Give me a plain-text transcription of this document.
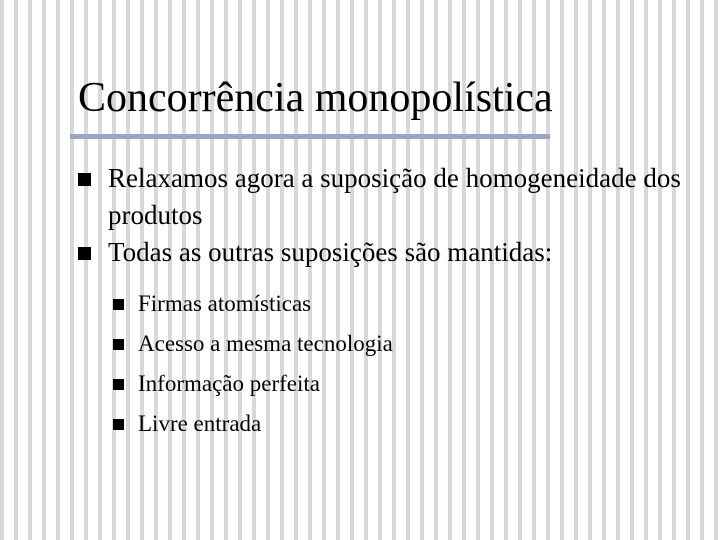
Concorrência monopolística
Relaxamos agora a suposição de homogeneidade dos produtos
Todas as outras suposições são mantidas:
Firmas atomísticas
Acesso a mesma tecnologia
Informação perfeita
Livre entrada
